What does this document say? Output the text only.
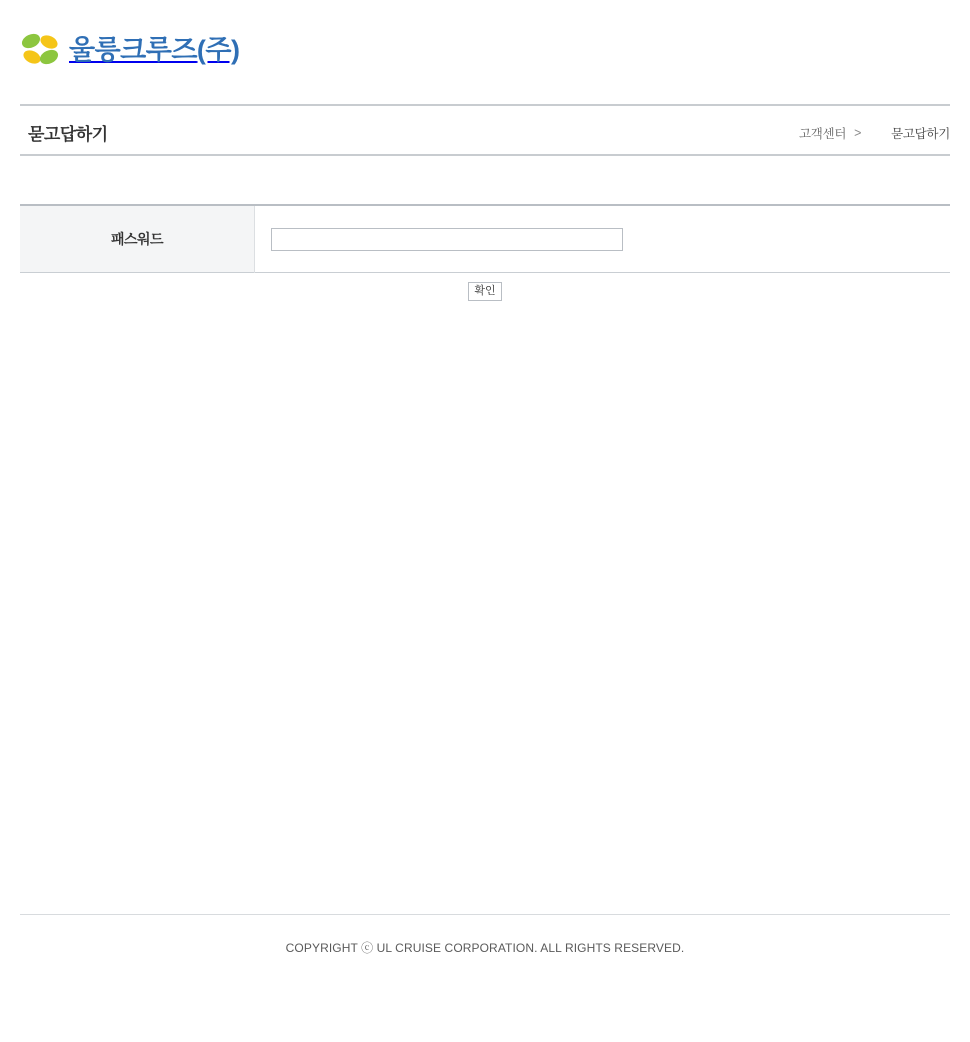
울릉크루즈(주)
묻고답하기	고객센터 > 묻고답하기
패스워드	
확인
COPYRIGHT ⓒ UL CRUISE CORPORATION. ALL RIGHTS RESERVED.
